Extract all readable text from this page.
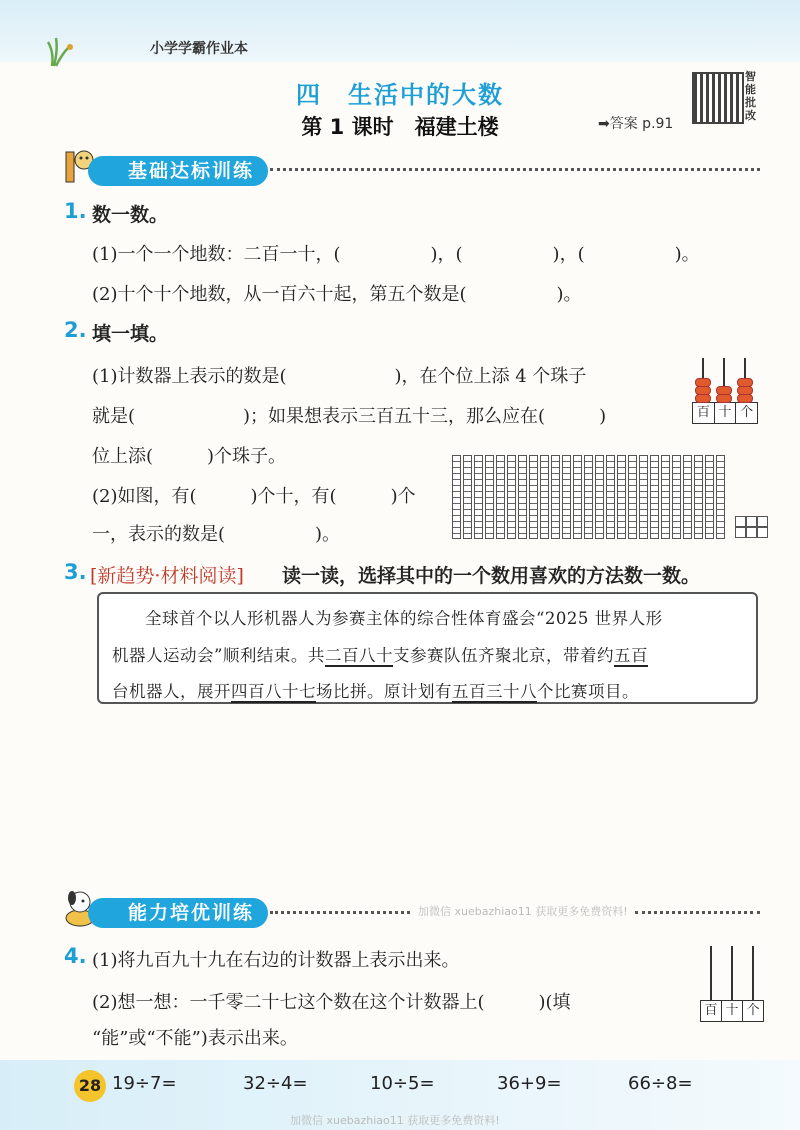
小学学霸作业本
四　生活中的大数
第 1 课时　福建土楼	➡答案 p.91
智能批改
基础达标训练
1. 数一数。
(1)一个一个地数：二百一十，(　　　　　)，(　　　　　)，(　　　　　)。
(2)十个十个地数，从一百六十起，第五个数是(　　　　　)。
2. 填一填。
(1)计数器上表示的数是(　　　　　　)，在个位上添 4 个珠子
就是(　　　　　　)；如果想表示三百五十三，那么应在(　　　)
位上添(　　　)个珠子。
(2)如图，有(　　　)个十，有(　　　)个
一，表示的数是(　　　　　)。
百 十 个
3. [新趋势·材料阅读] 读一读，选择其中的一个数用喜欢的方法数一数。
全球首个以人形机器人为参赛主体的综合性体育盛会“2025 世界人形
机器人运动会”顺利结束。共二百八十支参赛队伍齐聚北京，带着约五百
台机器人，展开四百八十七场比拼。原计划有五百三十八个比赛项目。
能力培优训练	加微信 xuebazhiao11 获取更多免费资料!
4. (1)将九百九十九在右边的计数器上表示出来。
(2)想一想：一千零二十七这个数在这个计数器上(　　　)(填
“能”或“不能”)表示出来。
百 十 个
28 19÷7=	32÷4=	10÷5=	36+9=	66÷8=
加微信 xuebazhiao11 获取更多免费资料!
